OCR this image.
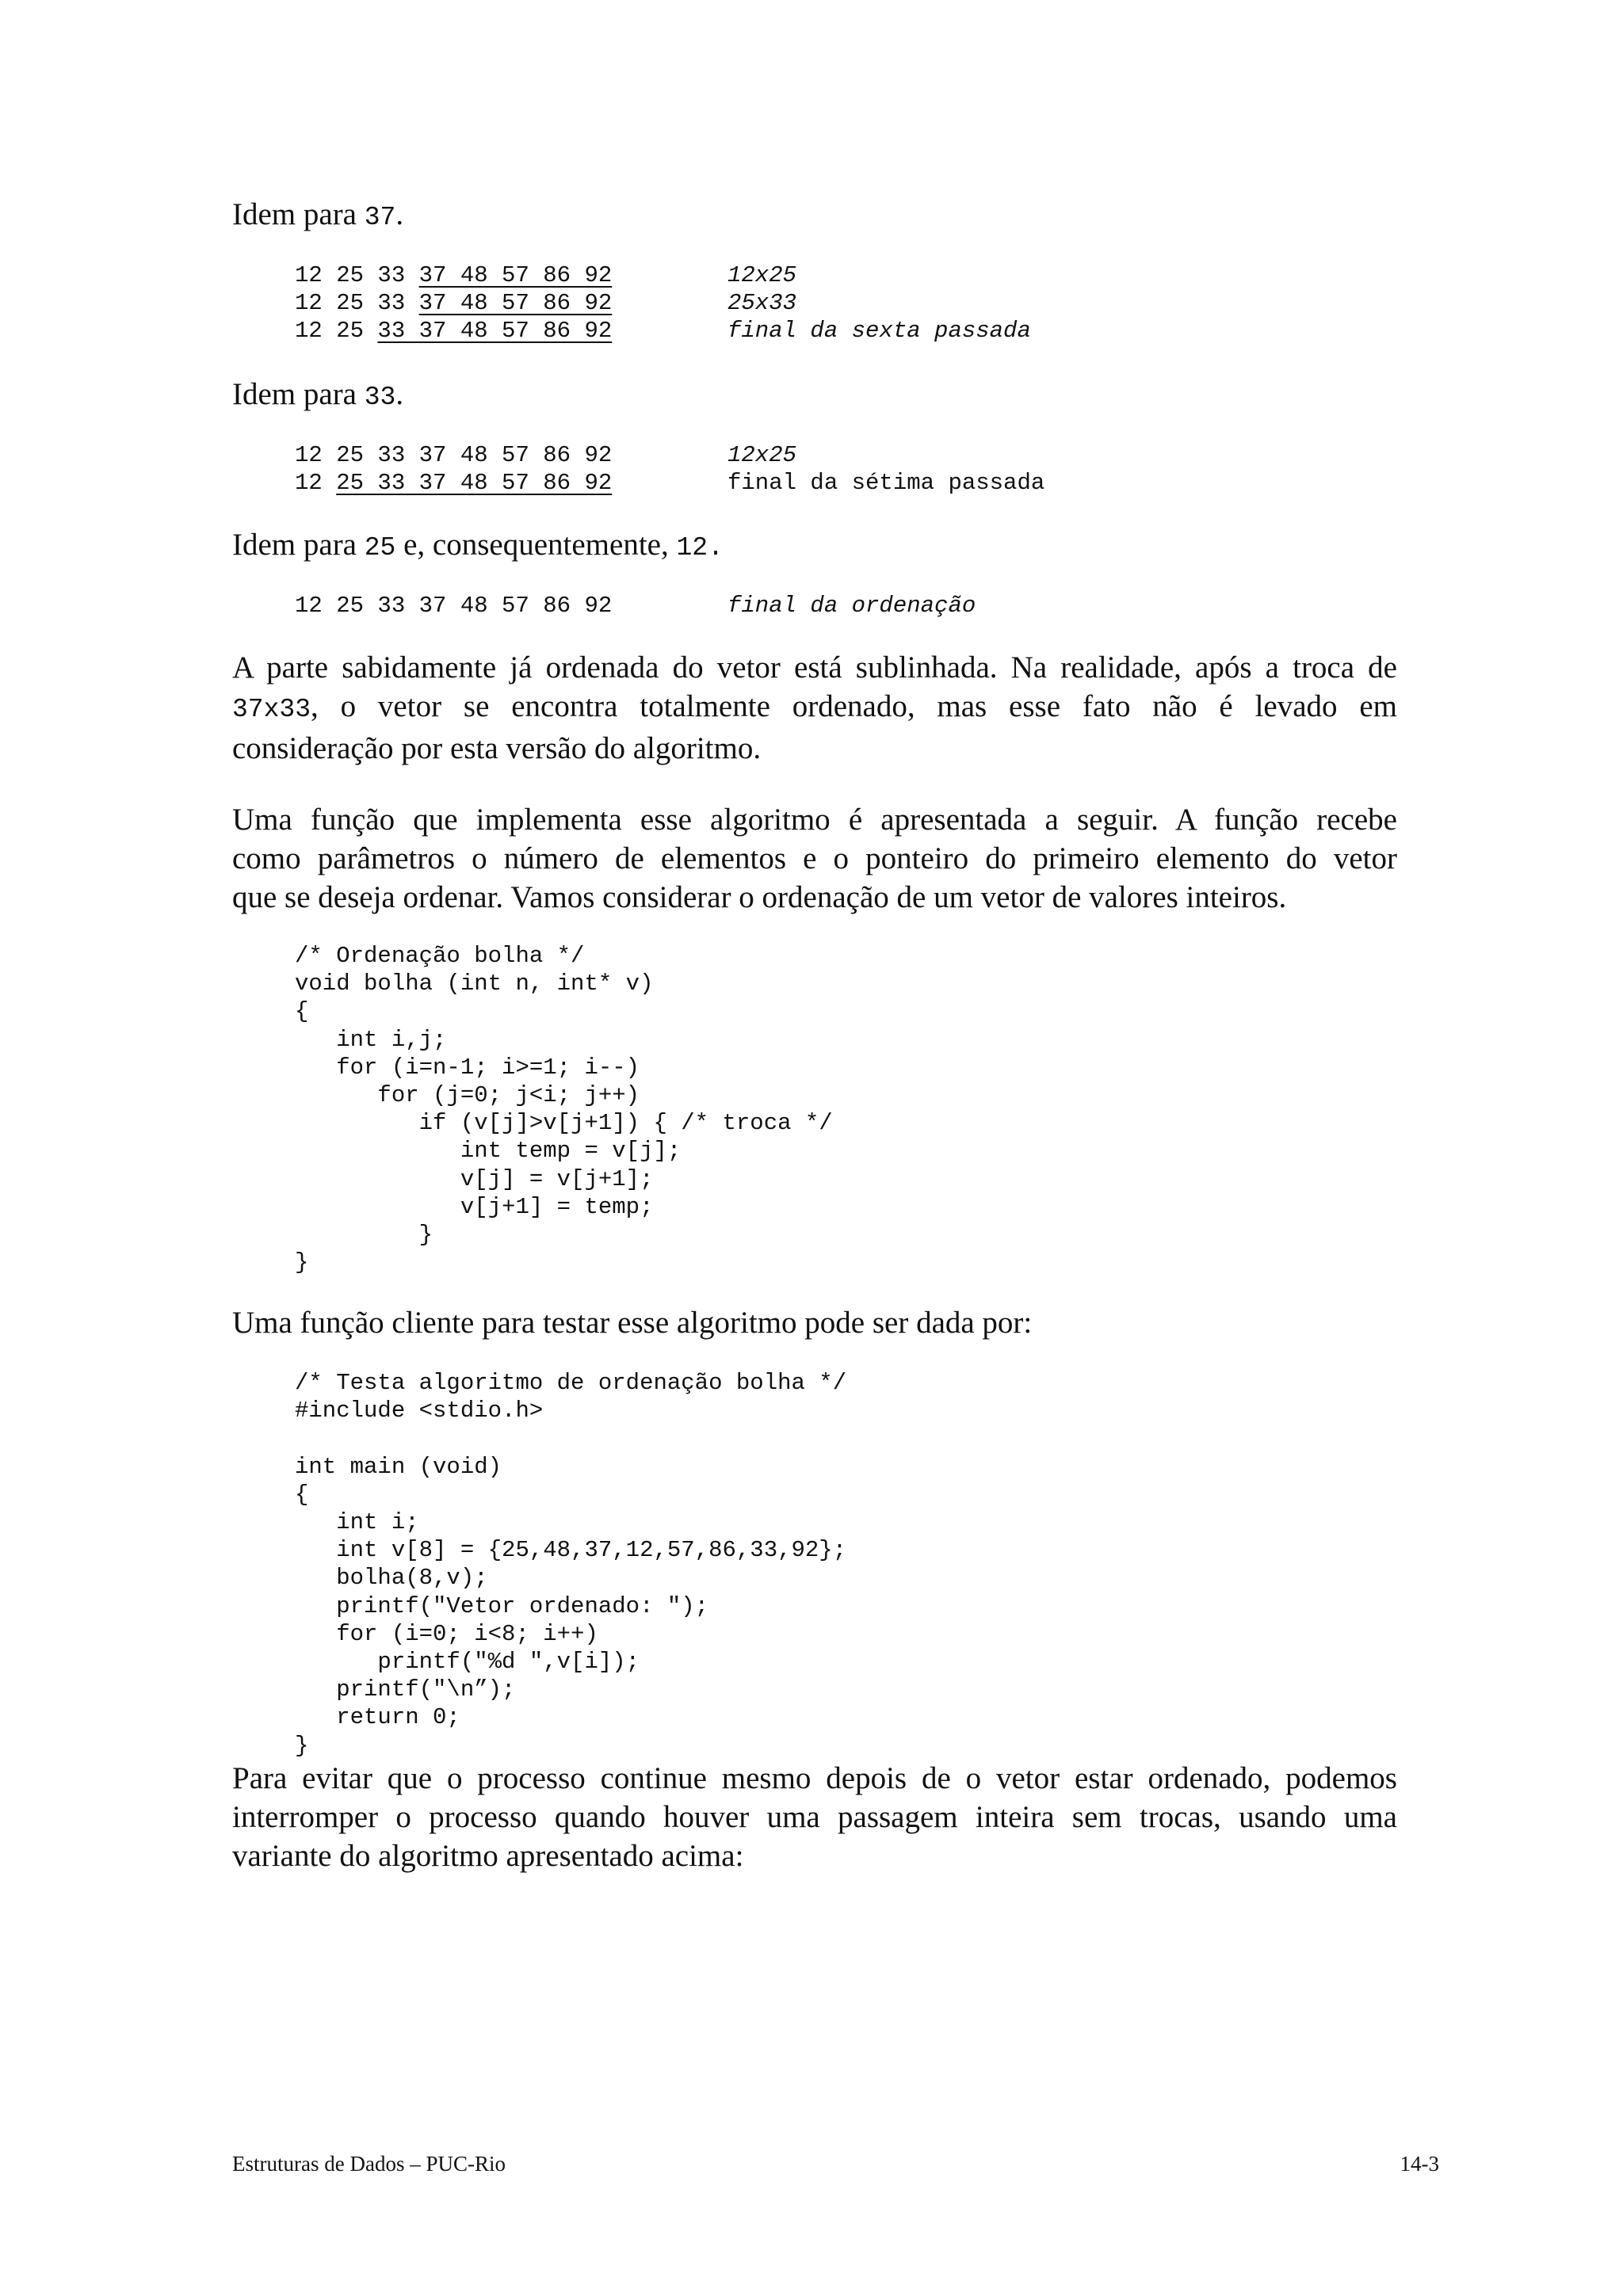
Idem para 37.
12 25 33 37 48 57 86 92	12x25
12 25 33 37 48 57 86 92	25x33
12 25 33 37 48 57 86 92	final da sexta passada
Idem para 33.
12 25 33 37 48 57 86 92	12x25
12 25 33 37 48 57 86 92	final da sétima passada
Idem para 25 e, consequentemente, 12.
12 25 33 37 48 57 86 92	final da ordenação
A parte sabidamente já ordenada do vetor está sublinhada. Na realidade, após a troca de
37x33, o vetor se encontra totalmente ordenado, mas esse fato não é levado em
consideração por esta versão do algoritmo.
Uma função que implementa esse algoritmo é apresentada a seguir. A função recebe
como parâmetros o número de elementos e o ponteiro do primeiro elemento do vetor
que se deseja ordenar. Vamos considerar o ordenação de um vetor de valores inteiros.
/* Ordenação bolha */
void bolha (int n, int* v)
{
int i,j;
for (i=n-1; i>=1; i--)
for (j=0; j<i; j++)
if (v[j]>v[j+1]) { /* troca */
int temp = v[j];
v[j] = v[j+1];
v[j+1] = temp;
}
}
Uma função cliente para testar esse algoritmo pode ser dada por:
/* Testa algoritmo de ordenação bolha */
#include <stdio.h>

int main (void)
{
int i;
int v[8] = {25,48,37,12,57,86,33,92};
bolha(8,v);
printf("Vetor ordenado: ");
for (i=0; i<8; i++)
printf("%d ",v[i]);
printf("\n”);
return 0;
}
Para evitar que o processo continue mesmo depois de o vetor estar ordenado, podemos
interromper o processo quando houver uma passagem inteira sem trocas, usando uma
variante do algoritmo apresentado acima:
Estruturas de Dados – PUC-Rio	14-3
